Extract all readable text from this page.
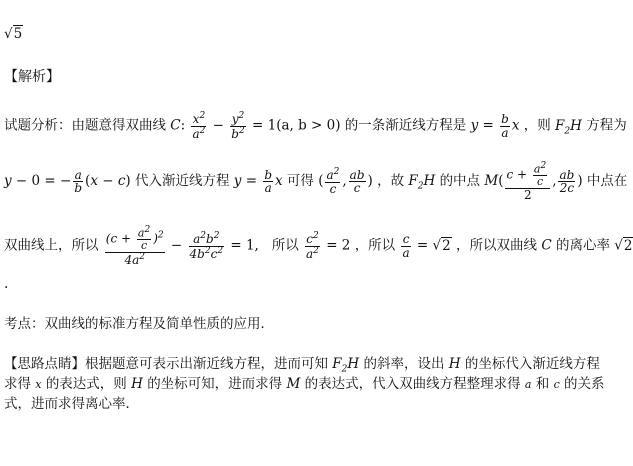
√5
【解析】
试题分析：由题意得双曲线 C: $\frac{x^2}{a^2} - \frac{y^2}{b^2} = 1(a$, b > 0) 的一条渐近线方程是 $y = \frac{b}{a}$ x ，则 $F_2H$ 方程为
y − 0 = − $\frac{a}{b} (x - c)$ 代入渐近线方程 $y = \frac{b}{a}$ x 可得 ( $\frac{a^2}{c}$ , $\frac{ab}{c}$ ) ，故 $F_2H$ 的中点 $M( \frac{c + \frac{a^2}{c}}{2}$ , $\frac{ab}{2c}$ ) 中点在
双曲线上，所以 $\frac{(c + \frac{a^2}{c} )^2}{4a^2} - \frac{a^2b^2}{4b^2c^2} = 1$, 所以 $\frac{c^2}{a^2} = 2$ ，所以 $\frac{c}{a} = √2$ ，所以双曲线 C 的离心率 √2
.
考点：双曲线的标准方程及简单性质的应用．
【思路点睛】根据题意可表示出渐近线方程，进而可知 $F_2H$ 的斜率，设出 H 的坐标代入渐近线方程
求得 x 的表达式，则 H 的坐标可知，进而求得 M 的表达式，代入双曲线方程整理求得 a 和 c 的关系
式，进而求得离心率．
